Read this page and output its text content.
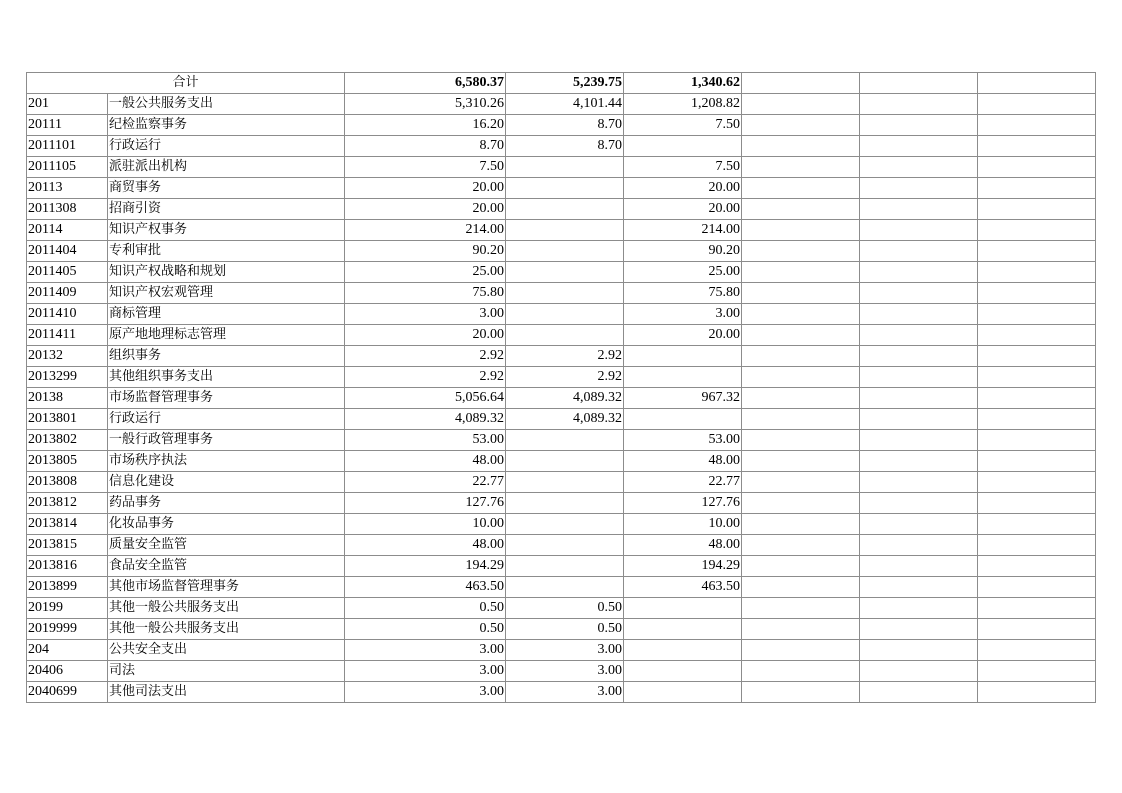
合计		6,580.37	5,239.75	1,340.62			
201	一般公共服务支出	5,310.26	4,101.44	1,208.82			
20111	纪检监察事务	16.20	8.70	7.50			
2011101	行政运行	8.70	8.70				
2011105	派驻派出机构	7.50		7.50			
20113	商贸事务	20.00		20.00			
2011308	招商引资	20.00		20.00			
20114	知识产权事务	214.00		214.00			
2011404	专利审批	90.20		90.20			
2011405	知识产权战略和规划	25.00		25.00			
2011409	知识产权宏观管理	75.80		75.80			
2011410	商标管理	3.00		3.00			
2011411	原产地地理标志管理	20.00		20.00			
20132	组织事务	2.92	2.92				
2013299	其他组织事务支出	2.92	2.92				
20138	市场监督管理事务	5,056.64	4,089.32	967.32			
2013801	行政运行	4,089.32	4,089.32				
2013802	一般行政管理事务	53.00		53.00			
2013805	市场秩序执法	48.00		48.00			
2013808	信息化建设	22.77		22.77			
2013812	药品事务	127.76		127.76			
2013814	化妆品事务	10.00		10.00			
2013815	质量安全监管	48.00		48.00			
2013816	食品安全监管	194.29		194.29			
2013899	其他市场监督管理事务	463.50		463.50			
20199	其他一般公共服务支出	0.50	0.50				
2019999	其他一般公共服务支出	0.50	0.50				
204	公共安全支出	3.00	3.00				
20406	司法	3.00	3.00				
2040699	其他司法支出	3.00	3.00				
